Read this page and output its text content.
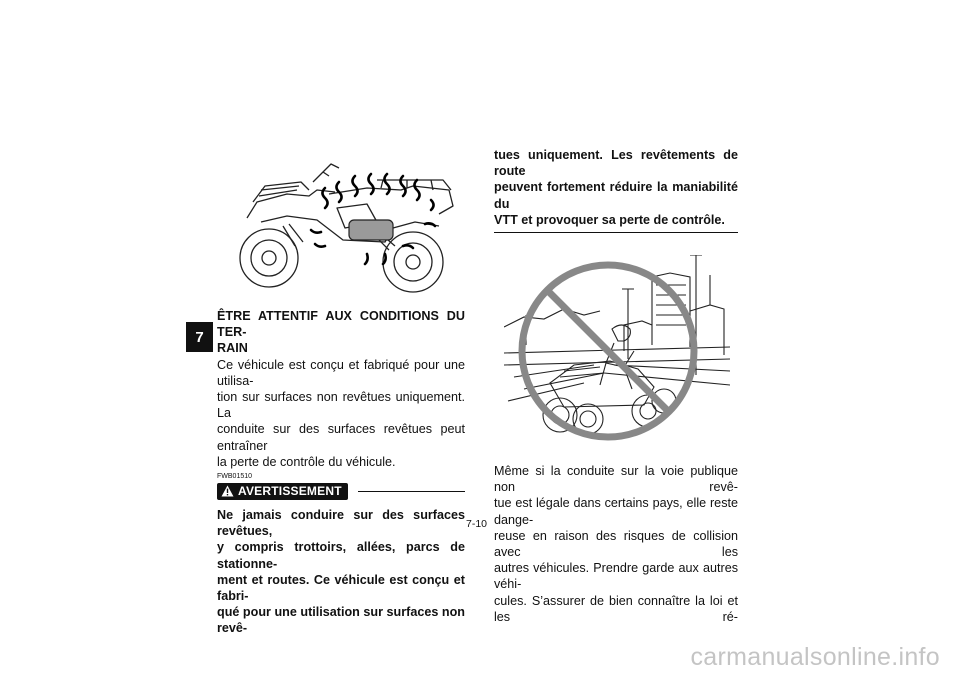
7
ÊTRE ATTENTIF AUX CONDITIONS DU TER-
RAIN
Ce véhicule est conçu et fabriqué pour une utilisa-
tion sur surfaces non revêtues uniquement. La
conduite sur des surfaces revêtues peut entraîner
la perte de contrôle du véhicule.
FWB01510
AVERTISSEMENT
Ne jamais conduire sur des surfaces revêtues,
y compris trottoirs, allées, parcs de stationne-
ment et routes. Ce véhicule est conçu et fabri-
qué pour une utilisation sur surfaces non revê-
tues uniquement. Les revêtements de route
peuvent fortement réduire la maniabilité du
VTT et provoquer sa perte de contrôle.
Même si la conduite sur la voie publique non revê-
tue est légale dans certains pays, elle reste dange-
reuse en raison des risques de collision avec les
autres véhicules. Prendre garde aux autres véhi-
cules. S’assurer de bien connaître la loi et les ré-
7-10
carmanualsonline.info
